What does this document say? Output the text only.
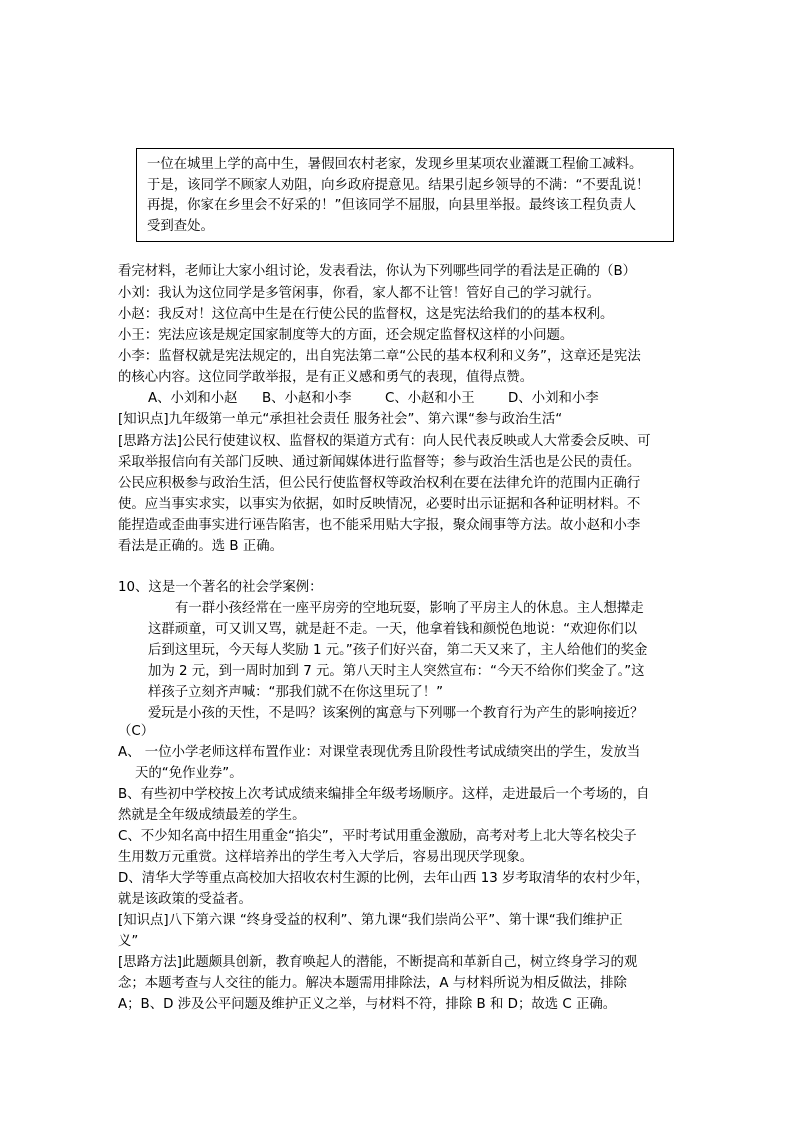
一位在城里上学的高中生，暑假回农村老家，发现乡里某项农业灌溉工程偷工减料。
于是，该同学不顾家人劝阻，向乡政府提意见。结果引起乡领导的不满：“不要乱说！
再提，你家在乡里会不好采的！”但该同学不屈服，向县里举报。最终该工程负责人
受到查处。
看完材料，老师让大家小组讨论，发表看法，你认为下列哪些同学的看法是正确的（B）
小刘：我认为这位同学是多管闲事，你看，家人都不让管！管好自己的学习就行。
小赵：我反对！这位高中生是在行使公民的监督权，这是宪法给我们的的基本权利。
小王：宪法应该是规定国家制度等大的方面，还会规定监督权这样的小问题。
小李：监督权就是宪法规定的，出自宪法第二章“公民的基本权利和义务”，这章还是宪法
的核心内容。这位同学敢举报，是有正义感和勇气的表现，值得点赞。
A、小刘和小赵 B、小赵和小李 C、小赵和小王 D、小刘和小李
[知识点]九年级第一单元“承担社会责任 服务社会”、第六课“参与政治生活“
[思路方法]公民行使建议权、监督权的渠道方式有：向人民代表反映或人大常委会反映、可
采取举报信向有关部门反映、通过新闻媒体进行监督等；参与政治生活也是公民的责任。
公民应积极参与政治生活，但公民行使监督权等政治权利在要在法律允许的范围内正确行
使。应当事实求实，以事实为依据，如时反映情况，必要时出示证据和各种证明材料。不
能捏造或歪曲事实进行诬告陷害，也不能采用贴大字报，聚众闹事等方法。故小赵和小李
看法是正确的。选 B 正确。
10、这是一个著名的社会学案例：
有一群小孩经常在一座平房旁的空地玩耍，影响了平房主人的休息。主人想撵走
这群顽童，可又训又骂，就是赶不走。一天，他拿着钱和颜悦色地说：“欢迎你们以
后到这里玩，今天每人奖励 1 元。”孩子们好兴奋，第二天又来了，主人给他们的奖金
加为 2 元，到一周时加到 7 元。第八天时主人突然宣布：“今天不给你们奖金了。”这
样孩子立刻齐声喊：“那我们就不在你这里玩了！”
爱玩是小孩的天性，不是吗？该案例的寓意与下列哪一个教育行为产生的影响接近？
（C）
A、 一位小学老师这样布置作业：对课堂表现优秀且阶段性考试成绩突出的学生，发放当
天的“免作业券”。
B、有些初中学校按上次考试成绩来编排全年级考场顺序。这样，走进最后一个考场的，自
然就是全年级成绩最差的学生。
C、不少知名高中招生用重金“掐尖”，平时考试用重金激励，高考对考上北大等名校尖子
生用数万元重赏。这样培养出的学生考入大学后，容易出现厌学现象。
D、清华大学等重点高校加大招收农村生源的比例，去年山西 13 岁考取清华的农村少年，
就是该政策的受益者。
[知识点]八下第六课 “终身受益的权利”、第九课“我们崇尚公平”、第十课“我们维护正
义”
[思路方法]此题颇具创新，教育唤起人的潜能，不断提高和革新自己，树立终身学习的观
念；本题考查与人交往的能力。解决本题需用排除法，A 与材料所说为相反做法，排除
A；B、D 涉及公平问题及维护正义之举，与材料不符，排除 B 和 D；故选 C 正确。
